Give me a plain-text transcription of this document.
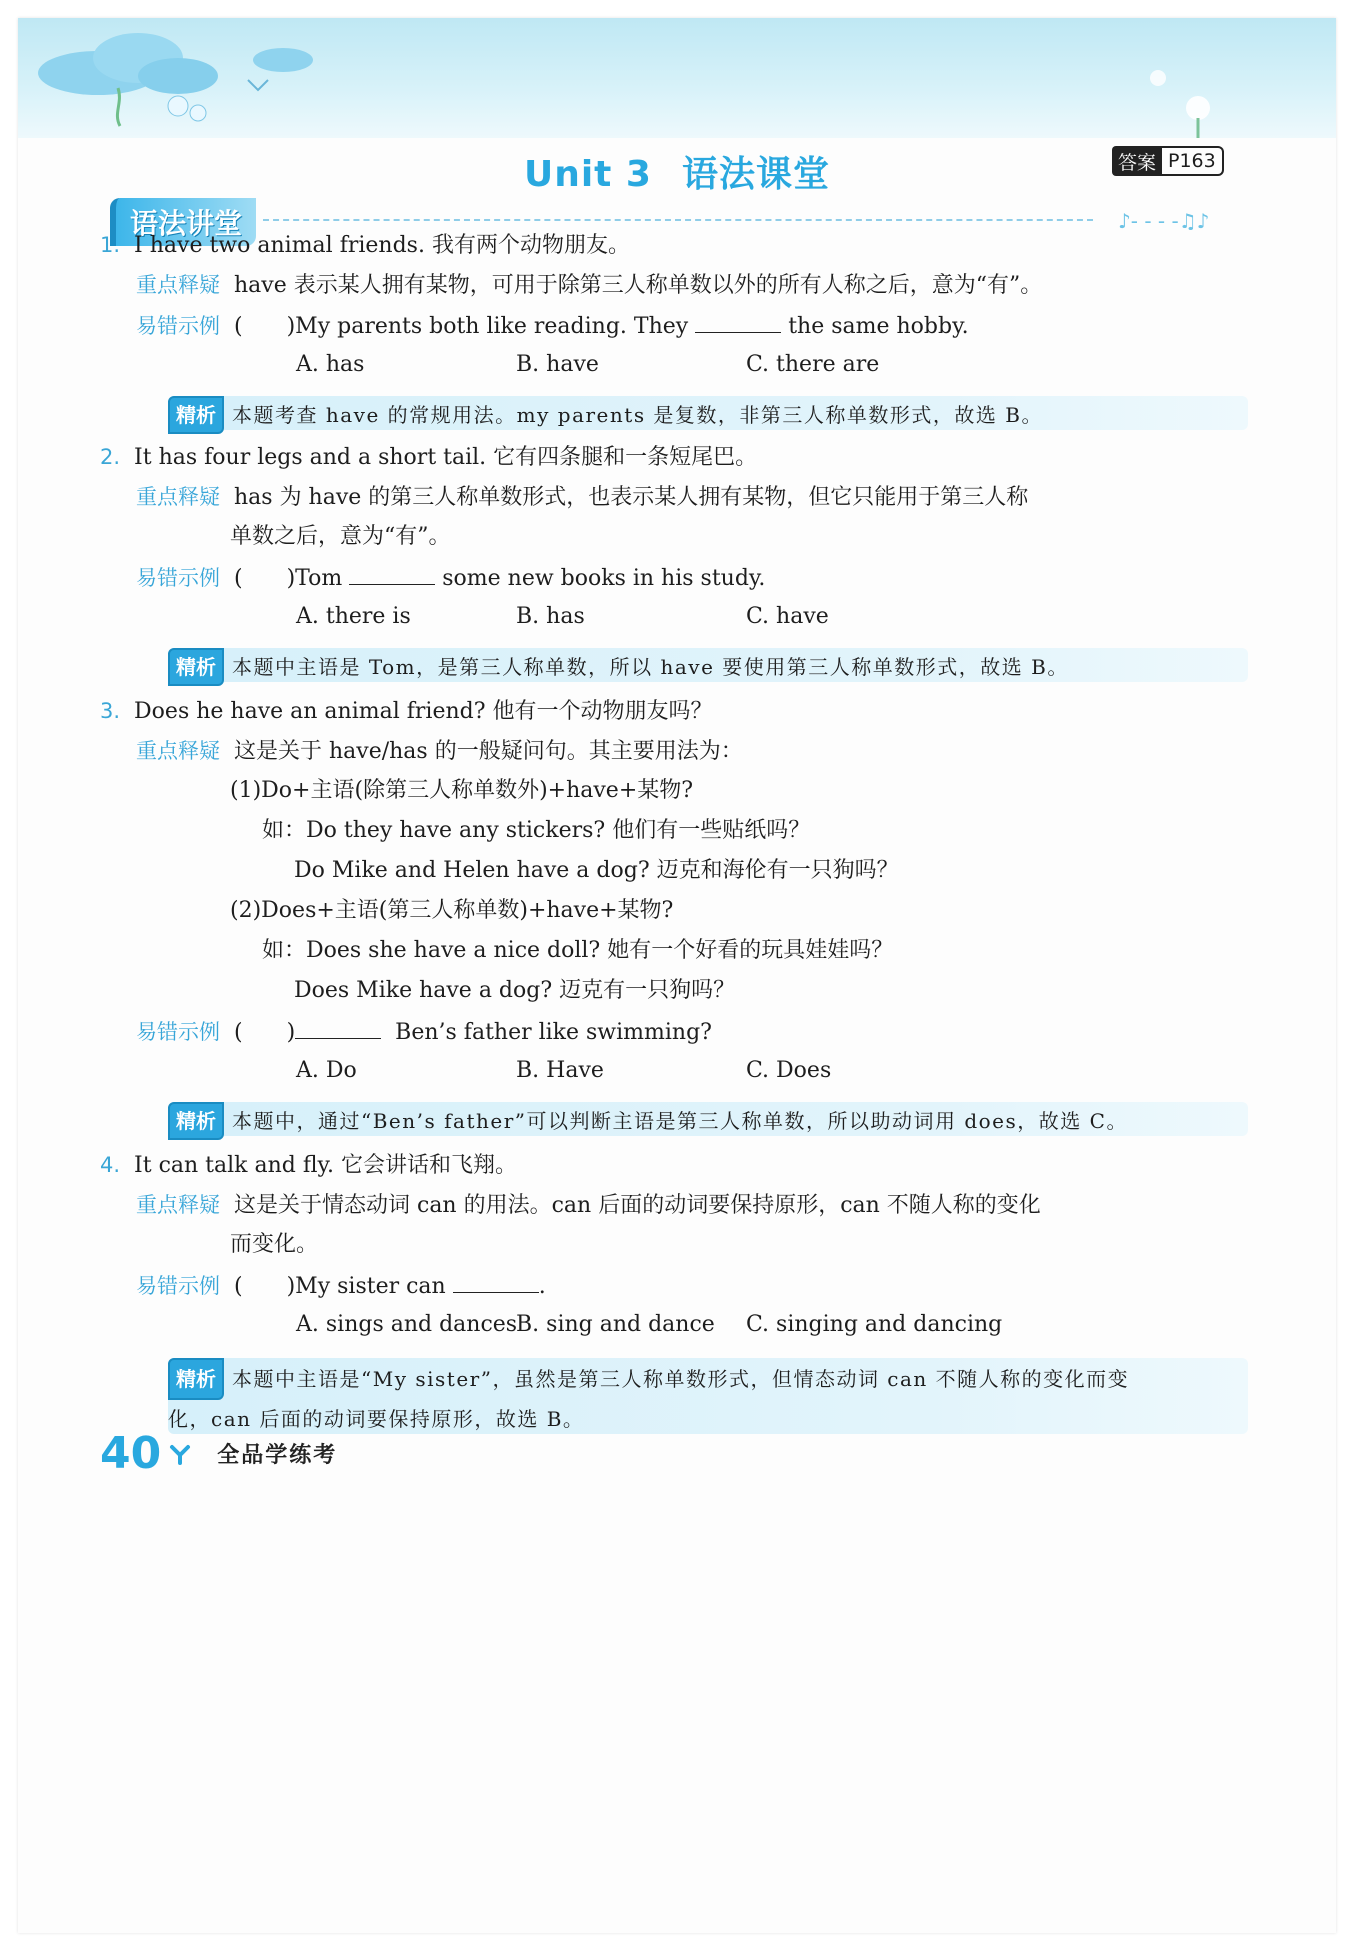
Unit 3 语法课堂	答案 P163
语法讲堂	♪- - - -♫♪
1. I have two animal friends. 我有两个动物朋友。
重点释疑 have 表示某人拥有某物，可用于除第三人称单数以外的所有人称之后，意为“有”。
易错示例 (　　)My parents both like reading. They	the same hobby.
A. has	B. have	C. there are
精析 本题考查 have 的常规用法。my parents 是复数，非第三人称单数形式，故选 B。
2. It has four legs and a short tail. 它有四条腿和一条短尾巴。
重点释疑 has 为 have 的第三人称单数形式，也表示某人拥有某物，但它只能用于第三人称
单数之后，意为“有”。
易错示例 (　　)Tom	some new books in his study.
A. there is	B. has	C. have
精析 本题中主语是 Tom，是第三人称单数，所以 have 要使用第三人称单数形式，故选 B。
3. Does he have an animal friend? 他有一个动物朋友吗？
重点释疑 这是关于 have/has 的一般疑问句。其主要用法为：
(1)Do+主语(除第三人称单数外)+have+某物?
如：Do they have any stickers? 他们有一些贴纸吗？
Do Mike and Helen have a dog? 迈克和海伦有一只狗吗？
(2)Does+主语(第三人称单数)+have+某物?
如：Does she have a nice doll? 她有一个好看的玩具娃娃吗？
Does Mike have a dog? 迈克有一只狗吗？
易错示例 (　　)	Ben’s father like swimming?
A. Do	B. Have	C. Does
精析 本题中，通过“Ben’s father”可以判断主语是第三人称单数，所以助动词用 does，故选 C。
4. It can talk and fly. 它会讲话和飞翔。
重点释疑 这是关于情态动词 can 的用法。can 后面的动词要保持原形，can 不随人称的变化
而变化。
易错示例 (　　)My sister can	.
A. sings and dances
B. sing and dance C. singing and dancing
精析 本题中主语是“My sister”，虽然是第三人称单数形式，但情态动词 can 不随人称的变化而变
化，can 后面的动词要保持原形，故选 B。
40	全品学练考
